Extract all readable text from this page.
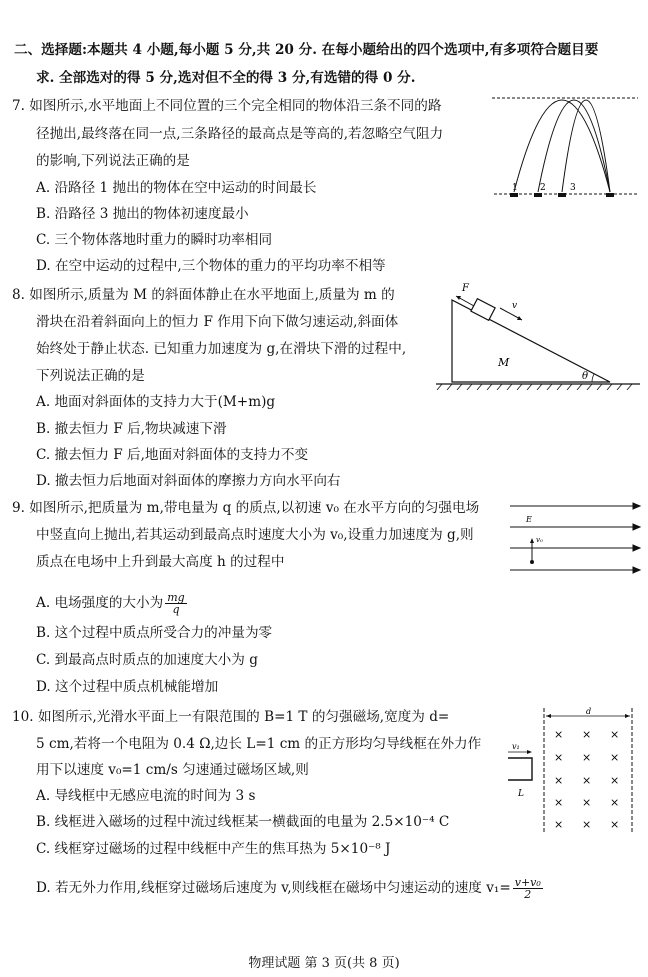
二、选择题:本题共 4 小题,每小题 5 分,共 20 分. 在每小题给出的四个选项中,有多项符合题目要
求. 全部选对的得 5 分,选对但不全的得 3 分,有选错的得 0 分.
7. 如图所示,水平地面上不同位置的三个完全相同的物体沿三条不同的路
径抛出,最终落在同一点,三条路径的最高点是等高的,若忽略空气阻力
的影响,下列说法正确的是
A. 沿路径 1 抛出的物体在空中运动的时间最长
B. 沿路径 3 抛出的物体初速度最小
C. 三个物体落地时重力的瞬时功率相同
D. 在空中运动的过程中,三个物体的重力的平均功率不相等
1 2	3
8. 如图所示,质量为 M 的斜面体静止在水平地面上,质量为 m 的
滑块在沿着斜面向上的恒力 F 作用下向下做匀速运动,斜面体
始终处于静止状态. 已知重力加速度为 g,在滑块下滑的过程中,
下列说法正确的是
A. 地面对斜面体的支持力大于(M+m)g
B. 撤去恒力 F 后,物块减速下滑
C. 撤去恒力 F 后,地面对斜面体的支持力不变
D. 撤去恒力后地面对斜面体的摩擦力方向水平向右
F
v
M
θ
9. 如图所示,把质量为 m,带电量为 q 的质点,以初速 v₀ 在水平方向的匀强电场
中竖直向上抛出,若其运动到最高点时速度大小为 v₀,设重力加速度为 g,则
质点在电场中上升到最大高度 h 的过程中
A. 电场强度的大小为 $\frac{mg}{q}$
B. 这个过程中质点所受合力的冲量为零
C. 到最高点时质点的加速度大小为 g
D. 这个过程中质点机械能增加
E
v₀
10. 如图所示,光滑水平面上一有限范围的 B=1 T 的匀强磁场,宽度为 d=
5 cm,若将一个电阻为 0.4 Ω,边长 L=1 cm 的正方形均匀导线框在外力作
用下以速度 v₀=1 cm/s 匀速通过磁场区域,则
A. 导线框中无感应电流的时间为 3 s
B. 线框进入磁场的过程中流过线框某一横截面的电量为 2.5×10⁻⁴ C
C. 线框穿过磁场的过程中线框中产生的焦耳热为 5×10⁻⁸ J
D. 若无外力作用,线框穿过磁场后速度为 v,则线框在磁场中匀速运动的速度 $v_1= \frac{\text{v+v₀}}{2}$
d
× × ×
× × ×
× × ×
× × ×
× × ×
v₁
L
物理试题 第 3 页(共 8 页)
